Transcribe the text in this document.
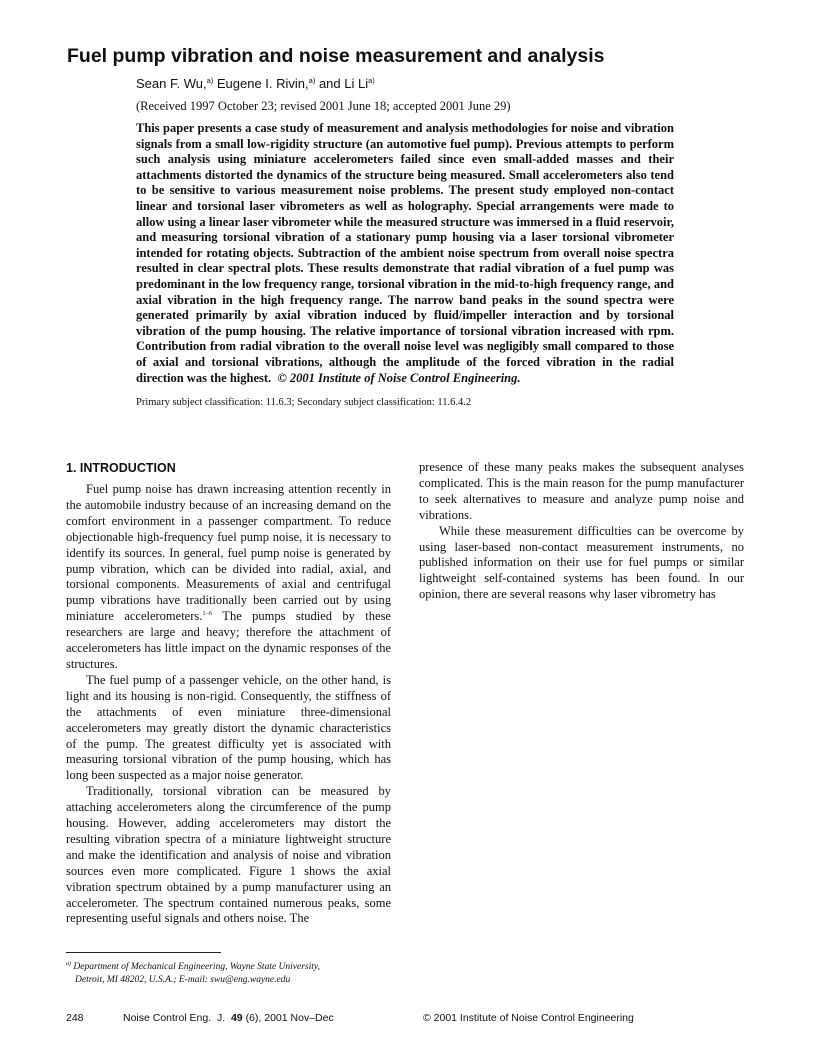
Fuel pump vibration and noise measurement and analysis
Sean F. Wu,$^{a)}$ Eugene I. Rivin,$^{a)}$ and Li Li$^{a)}$
(Received 1997 October 23; revised 2001 June 18; accepted 2001 June 29)
This paper presents a case study of measurement and analysis methodologies for noise and vibration signals from a small low-rigidity structure (an automotive fuel pump). Previous attempts to perform such analysis using miniature accelerometers failed since even small-added masses and their attachments distorted the dynamics of the structure being measured. Small accelerometers also tend to be sensitive to various measurement noise problems. The present study employed non-contact linear and torsional laser vibrometers as well as holography. Special arrangements were made to allow using a linear laser vibrometer while the measured structure was immersed in a fluid reservoir, and measuring torsional vibration of a stationary pump housing via a laser torsional vibrometer intended for rotating objects. Subtraction of the ambient noise spectrum from overall noise spectra resulted in clear spectral plots. These results demonstrate that radial vibration of a fuel pump was predominant in the low frequency range, torsional vibration in the mid-to-high frequency range, and axial vibration in the high frequency range. The narrow band peaks in the sound spectra were generated primarily by axial vibration induced by fluid/impeller interaction and by torsional vibration of the pump housing. The relative importance of torsional vibration increased with rpm. Contribution from radial vibration to the overall noise level was negligibly small compared to those of axial and torsional vibrations, although the amplitude of the forced vibration in the radial direction was the highest. © 2001 Institute of Noise Control Engineering.
Primary subject classification: 11.6.3; Secondary subject classification: 11.6.4.2
1. INTRODUCTION

Fuel pump noise has drawn increasing attention recently in the automobile industry because of an increasing demand on the comfort environment in a passenger compartment. To reduce objectionable high-frequency fuel pump noise, it is necessary to identify its sources. In general, fuel pump noise is generated by pump vibration, which can be divided into radial, axial, and torsional components. Measurements of axial and centrifugal pump vibrations have traditionally been carried out by using miniature accelerometers.$^{1-6}$ The pumps studied by these researchers are large and heavy; therefore the attachment of accelerometers has little impact on the dynamic responses of the structures.

The fuel pump of a passenger vehicle, on the other hand, is light and its housing is non-rigid. Consequently, the stiffness of the attachments of even miniature three-dimensional accelerometers may greatly distort the dynamic characteristics of the pump. The greatest difficulty yet is associated with measuring torsional vibration of the pump housing, which has long been suspected as a major noise generator.

Traditionally, torsional vibration can be measured by attaching accelerometers along the circumference of the pump housing. However, adding accelerometers may distort the resulting vibration spectra of a miniature lightweight structure and make the identification and analysis of noise and vibration sources even more complicated. Figure 1 shows the axial vibration spectrum obtained by a pump manufacturer using an accelerometer. The spectrum contained numerous peaks, some representing useful signals and others noise. The

presence of these many peaks makes the subsequent analyses complicated. This is the main reason for the pump manufacturer to seek alternatives to measure and analyze pump noise and vibrations.

While these measurement difficulties can be overcome by using laser-based non-contact measurement instruments, no published information on their use for fuel pumps or similar lightweight self-contained systems has been found. In our opinion, there are several reasons why laser vibrometry has

$^{a)}$ Department of Mechanical Engineering, Wayne State University,
Detroit, MI 48202, U.S.A.; E-mail: swu@eng.wayne.edu
248	Noise Control Eng.  J.  49 (6), 2001 Nov–Dec	© 2001 Institute of Noise Control Engineering
